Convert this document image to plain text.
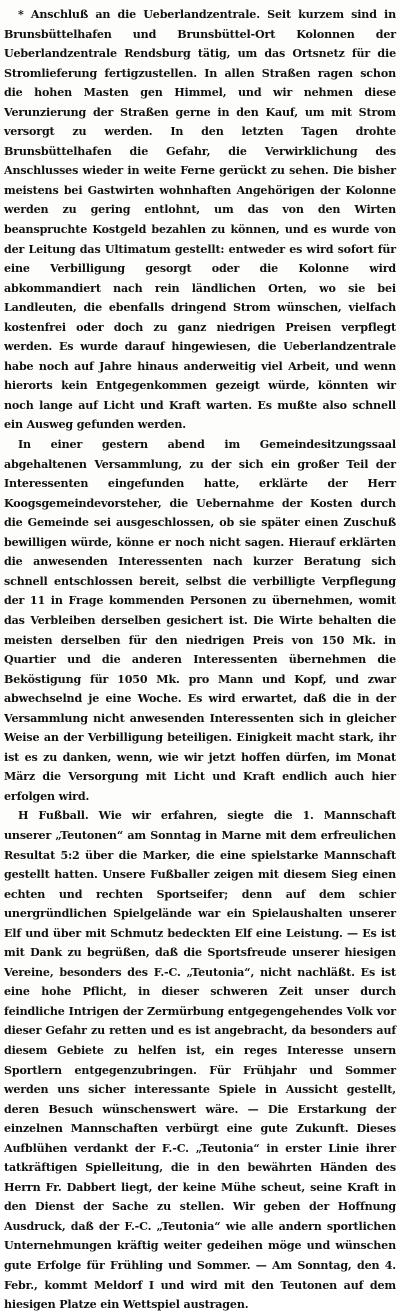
* Anschluß an die Ueberlandzentrale. Seit kurzem sind in Brunsbüttelhafen und Brunsbüttel-Ort Kolonnen der Ueberlandzentrale Rendsburg tätig, um das Ortsnetz für die Stromlieferung fertigzustellen. In allen Straßen ragen schon die hohen Masten gen Himmel, und wir nehmen diese Verunzierung der Straßen gerne in den Kauf, um mit Strom versorgt zu werden. In den letzten Tagen drohte Brunsbüttelhafen die Gefahr, die Verwirklichung des Anschlusses wieder in weite Ferne gerückt zu sehen. Die bisher meistens bei Gastwirten wohnhaften Angehörigen der Kolonne werden zu gering entlohnt, um das von den Wirten beanspruchte Kostgeld bezahlen zu können, und es wurde von der Leitung das Ultimatum gestellt: entweder es wird sofort für eine Verbilligung gesorgt oder die Kolonne wird abkommandiert nach rein ländlichen Orten, wo sie bei Landleuten, die ebenfalls dringend Strom wünschen, vielfach kostenfrei oder doch zu ganz niedrigen Preisen verpflegt werden. Es wurde darauf hingewiesen, die Ueberlandzentrale habe noch auf Jahre hinaus anderweitig viel Arbeit, und wenn hierorts kein Entgegenkommen gezeigt würde, könnten wir noch lange auf Licht und Kraft warten. Es mußte also schnell ein Ausweg gefunden werden.

In einer gestern abend im Gemeindesitzungssaal abgehaltenen Versammlung, zu der sich ein großer Teil der Interessenten eingefunden hatte, erklärte der Herr Koogsgemeindevorsteher, die Uebernahme der Kosten durch die Gemeinde sei ausgeschlossen, ob sie später einen Zuschuß bewilligen würde, könne er noch nicht sagen. Hierauf erklärten die anwesenden Interessenten nach kurzer Beratung sich schnell entschlossen bereit, selbst die verbilligte Verpflegung der 11 in Frage kommenden Personen zu übernehmen, womit das Verbleiben derselben gesichert ist. Die Wirte behalten die meisten derselben für den niedrigen Preis von 150 Mk. in Quartier und die anderen Interessenten übernehmen die Beköstigung für 1050 Mk. pro Mann und Kopf, und zwar abwechselnd je eine Woche. Es wird erwartet, daß die in der Versammlung nicht anwesenden Interessenten sich in gleicher Weise an der Verbilligung beteiligen. Einigkeit macht stark, ihr ist es zu danken, wenn, wie wir jetzt hoffen dürfen, im Monat März die Versorgung mit Licht und Kraft endlich auch hier erfolgen wird.

H Fußball. Wie wir erfahren, siegte die 1. Mannschaft unserer „Teutonen“ am Sonntag in Marne mit dem erfreulichen Resultat 5:2 über die Marker, die eine spielstarke Mannschaft gestellt hatten. Unsere Fußballer zeigen mit diesem Sieg einen echten und rechten Sportseifer; denn auf dem schier unergründlichen Spielgelände war ein Spielaushalten unserer Elf und über mit Schmutz bedeckten Elf eine Leistung. — Es ist mit Dank zu begrüßen, daß die Sportsfreude unserer hiesigen Vereine, besonders des F.-C. „Teutonia“, nicht nachläßt. Es ist eine hohe Pflicht, in dieser schweren Zeit unser durch feindliche Intrigen der Zermürbung entgegengehendes Volk vor dieser Gefahr zu retten und es ist angebracht, da besonders auf diesem Gebiete zu helfen ist, ein reges Interesse unsern Sportlern entgegenzubringen. Für Frühjahr und Sommer werden uns sicher interessante Spiele in Aussicht gestellt, deren Besuch wünschenswert wäre. — Die Erstarkung der einzelnen Mannschaften verbürgt eine gute Zukunft. Dieses Aufblühen verdankt der F.-C. „Teutonia“ in erster Linie ihrer tatkräftigen Spielleitung, die in den bewährten Händen des Herrn Fr. Dabbert liegt, der keine Mühe scheut, seine Kraft in den Dienst der Sache zu stellen. Wir geben der Hoffnung Ausdruck, daß der F.-C. „Teutonia“ wie alle andern sportlichen Unternehmungen kräftig weiter gedeihen möge und wünschen gute Erfolge für Frühling und Sommer. — Am Sonntag, den 4. Febr., kommt Meldorf I und wird mit den Teutonen auf dem hiesigen Platze ein Wettspiel austragen.
